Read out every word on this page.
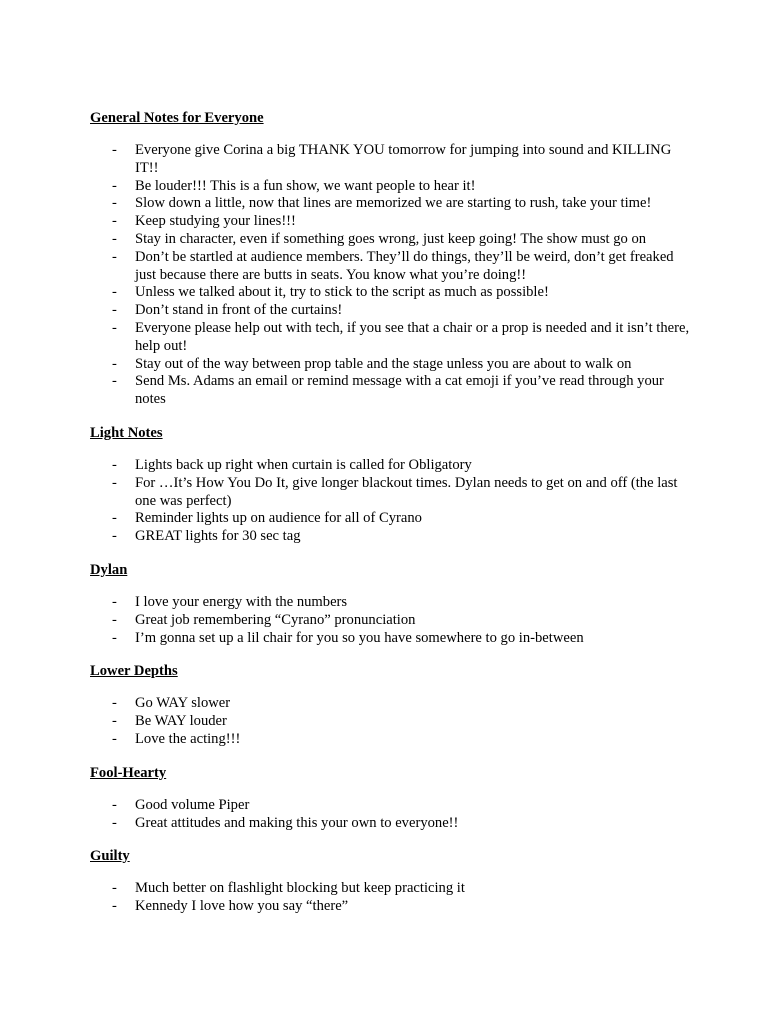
General Notes for Everyone
- Everyone give Corina a big THANK YOU tomorrow for jumping into sound and KILLING IT!!
- Be louder!!! This is a fun show, we want people to hear it!
- Slow down a little, now that lines are memorized we are starting to rush, take your time!
- Keep studying your lines!!!
- Stay in character, even if something goes wrong, just keep going! The show must go on
- Don’t be startled at audience members. They’ll do things, they’ll be weird, don’t get freaked just because there are butts in seats. You know what you’re doing!!
- Unless we talked about it, try to stick to the script as much as possible!
- Don’t stand in front of the curtains!
- Everyone please help out with tech, if you see that a chair or a prop is needed and it isn’t there, help out!
- Stay out of the way between prop table and the stage unless you are about to walk on
- Send Ms. Adams an email or remind message with a cat emoji if you’ve read through your notes
Light Notes
- Lights back up right when curtain is called for Obligatory
- For …It’s How You Do It, give longer blackout times. Dylan needs to get on and off (the last one was perfect)
- Reminder lights up on audience for all of Cyrano
- GREAT lights for 30 sec tag
Dylan
- I love your energy with the numbers
- Great job remembering “Cyrano” pronunciation
- I’m gonna set up a lil chair for you so you have somewhere to go in-between
Lower Depths
- Go WAY slower
- Be WAY louder
- Love the acting!!!
Fool-Hearty
- Good volume Piper
- Great attitudes and making this your own to everyone!!
Guilty
- Much better on flashlight blocking but keep practicing it
- Kennedy I love how you say “there”
